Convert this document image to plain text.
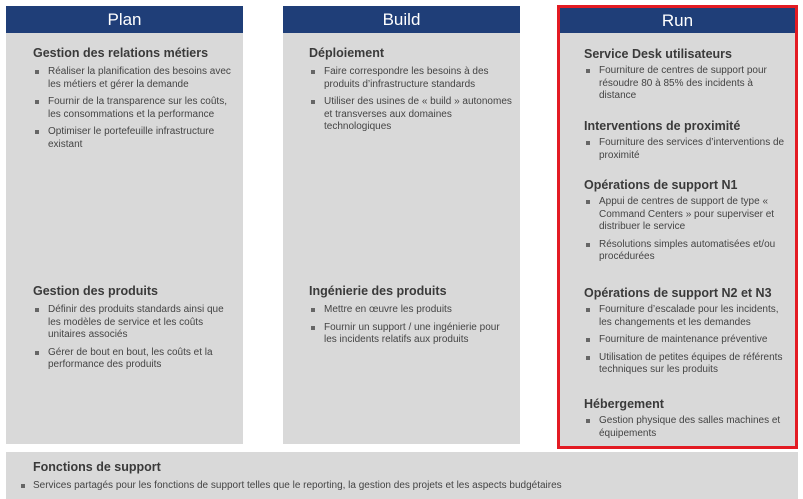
Plan
Gestion des relations métiers
Réaliser la planification des besoins avec les métiers et gérer la demande
Fournir de la transparence sur les coûts, les consommations et la performance
Optimiser le portefeuille infrastructure existant
Gestion des produits
Définir des produits standards ainsi que les modèles de service et les coûts unitaires associés
Gérer de bout en bout, les coûts et la performance des produits
Build
Déploiement
Faire correspondre les besoins à des produits d’infrastructure standards
Utiliser des usines de « build » autonomes et transverses aux domaines technologiques
Ingénierie des produits
Mettre en œuvre les produits
Fournir un support / une ingénierie pour les incidents relatifs aux produits
Run
Service Desk utilisateurs
Fourniture de centres de support pour résoudre 80 à 85% des incidents à distance
Interventions de proximité
Fourniture des services d’interventions de proximité
Opérations de support N1
Appui de centres de support de type « Command Centers » pour superviser et distribuer le service
Résolutions simples automatisées et/ou procédurées
Opérations de support N2 et N3
Fourniture d’escalade pour les incidents, les changements et les demandes
Fourniture de maintenance préventive
Utilisation de petites équipes de référents techniques sur les produits
Hébergement
Gestion physique des salles machines et équipements
Fonctions de support
Services partagés pour les fonctions de support telles que le reporting, la gestion des projets et les aspects budgétaires
